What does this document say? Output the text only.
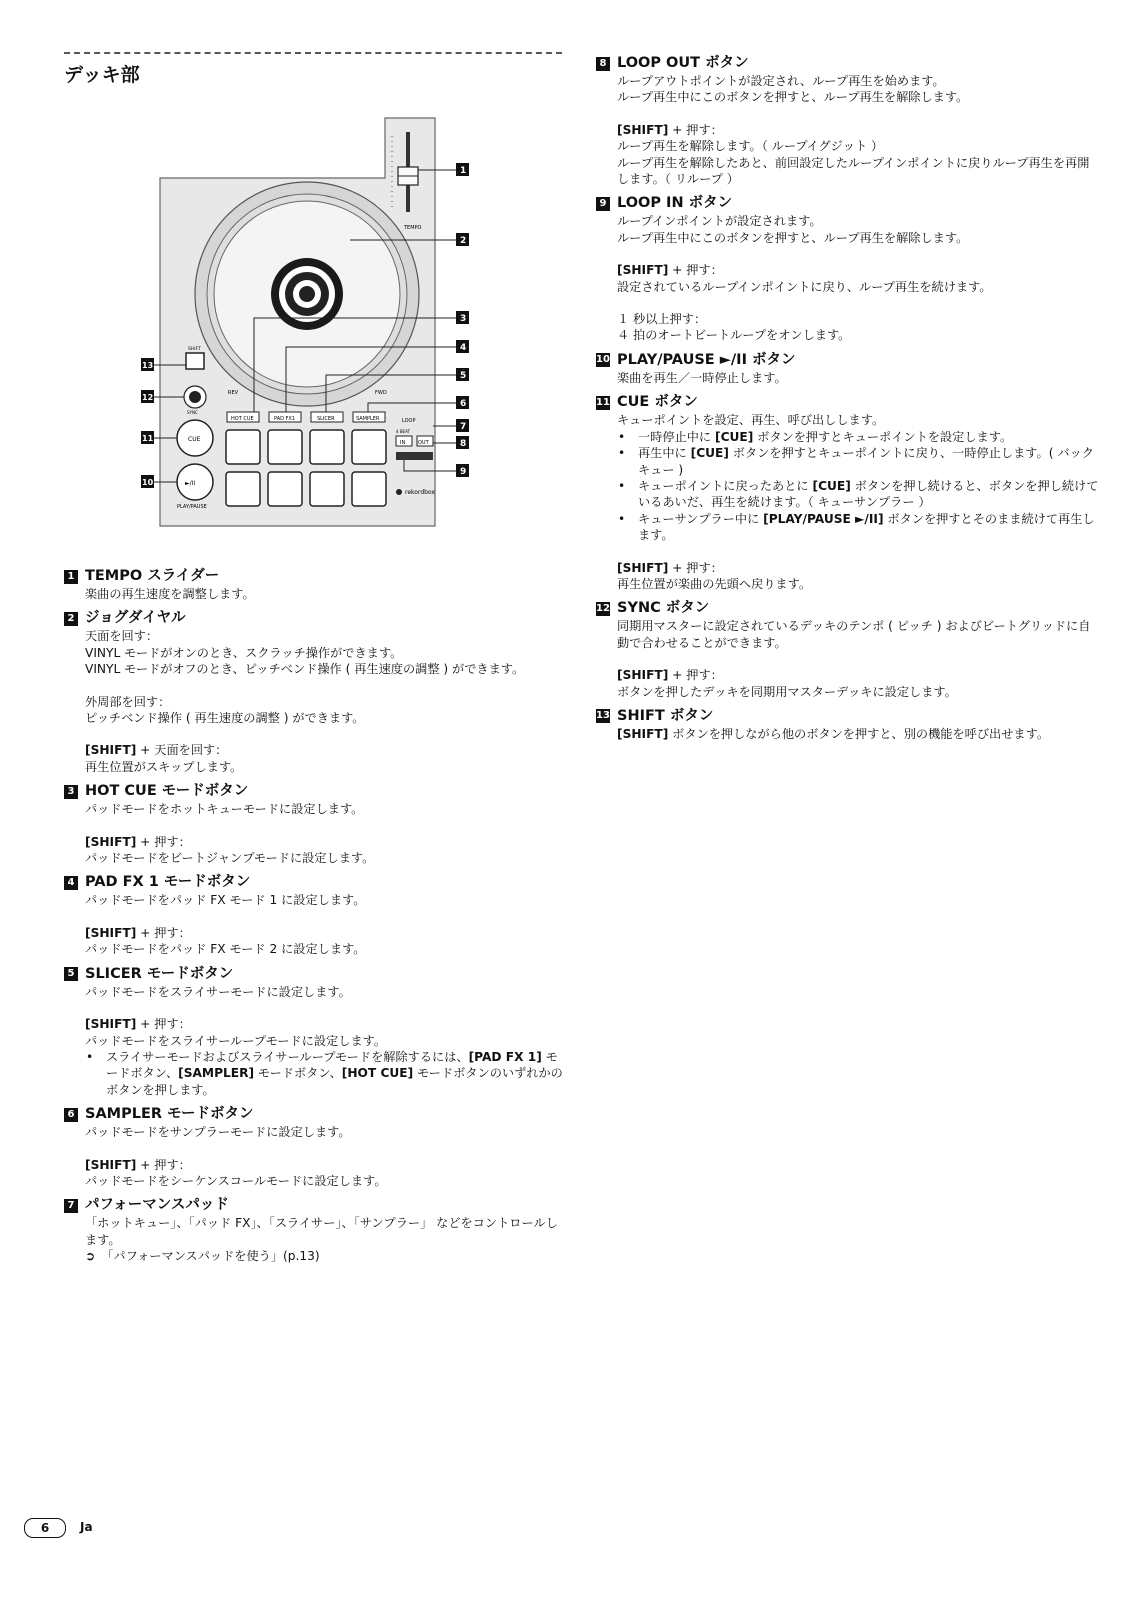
デッキ部
TEMPO
REV	FWD
SHIFT
SYNC
CUE
►/II
PLAY/PAUSE
HOT CUE	PAD FX1	SLICER	SAMPLER	LOOP
4 BEAT
IN	OUT
rekordbox
1
2
3
4
5
6
7
8
9
10
11
12
13
1 TEMPO スライダー

楽曲の再生速度を調整します。

2 ジョグダイヤル

天面を回す：

VINYL モードがオンのとき、スクラッチ操作ができます。

VINYL モードがオフのとき、ピッチベンド操作 ( 再生速度の調整 ) ができます。

外周部を回す：

ピッチベンド操作 ( 再生速度の調整 ) ができます。

[SHIFT] + 天面を回す：

再生位置がスキップします。

3 HOT CUE モードボタン

パッドモードをホットキューモードに設定します。

[SHIFT] + 押す：

パッドモードをビートジャンプモードに設定します。

4 PAD FX 1 モードボタン

パッドモードをパッド FX モード 1 に設定します。

[SHIFT] + 押す：

パッドモードをパッド FX モード 2 に設定します。

5 SLICER モードボタン

パッドモードをスライサーモードに設定します。

[SHIFT] + 押す：

パッドモードをスライサーループモードに設定します。

• スライサーモードおよびスライサーループモードを解除するには、[PAD FX 1] モードボタン、[SAMPLER] モードボタン、[HOT CUE] モードボタンのいずれかのボタンを押します。
6 SAMPLER モードボタン

パッドモードをサンプラーモードに設定します。

[SHIFT] + 押す：

パッドモードをシーケンスコールモードに設定します。

7 パフォーマンスパッド

「ホットキュー」、「パッド FX」、「スライサー」、「サンプラー」 などをコントロールします。

➲ 「パフォーマンスパッドを使う」(p.13)

8 LOOP OUT ボタン

ループアウトポイントが設定され、ループ再生を始めます。

ループ再生中にこのボタンを押すと、ループ再生を解除します。

[SHIFT] + 押す：

ループ再生を解除します。（ ループイグジット ）

ループ再生を解除したあと、前回設定したループインポイントに戻りループ再生を再開します。（ リループ ）

9 LOOP IN ボタン

ループインポイントが設定されます。

ループ再生中にこのボタンを押すと、ループ再生を解除します。

[SHIFT] + 押す：

設定されているループインポイントに戻り、ループ再生を続けます。

１ 秒以上押す：

４ 拍のオートビートループをオンします。

10 PLAY/PAUSE ►/II ボタン

楽曲を再生／一時停止します。

11 CUE ボタン

キューポイントを設定、再生、呼び出しします。

• 一時停止中に [CUE] ボタンを押すとキューポイントを設定します。
• 再生中に [CUE] ボタンを押すとキューポイントに戻り、一時停止します。( バックキュー )
• キューポイントに戻ったあとに [CUE] ボタンを押し続けると、ボタンを押し続けているあいだ、再生を続けます。（ キューサンプラー ）
• キューサンプラー中に [PLAY/PAUSE ►/II] ボタンを押すとそのまま続けて再生します。

[SHIFT] + 押す：

再生位置が楽曲の先頭へ戻ります。

12 SYNC ボタン

同期用マスターに設定されているデッキのテンポ ( ピッチ ) およびビートグリッドに自動で合わせることができます。

[SHIFT] + 押す：

ボタンを押したデッキを同期用マスターデッキに設定します。

13 SHIFT ボタン

[SHIFT] ボタンを押しながら他のボタンを押すと、別の機能を呼び出せます。

6	Ja
